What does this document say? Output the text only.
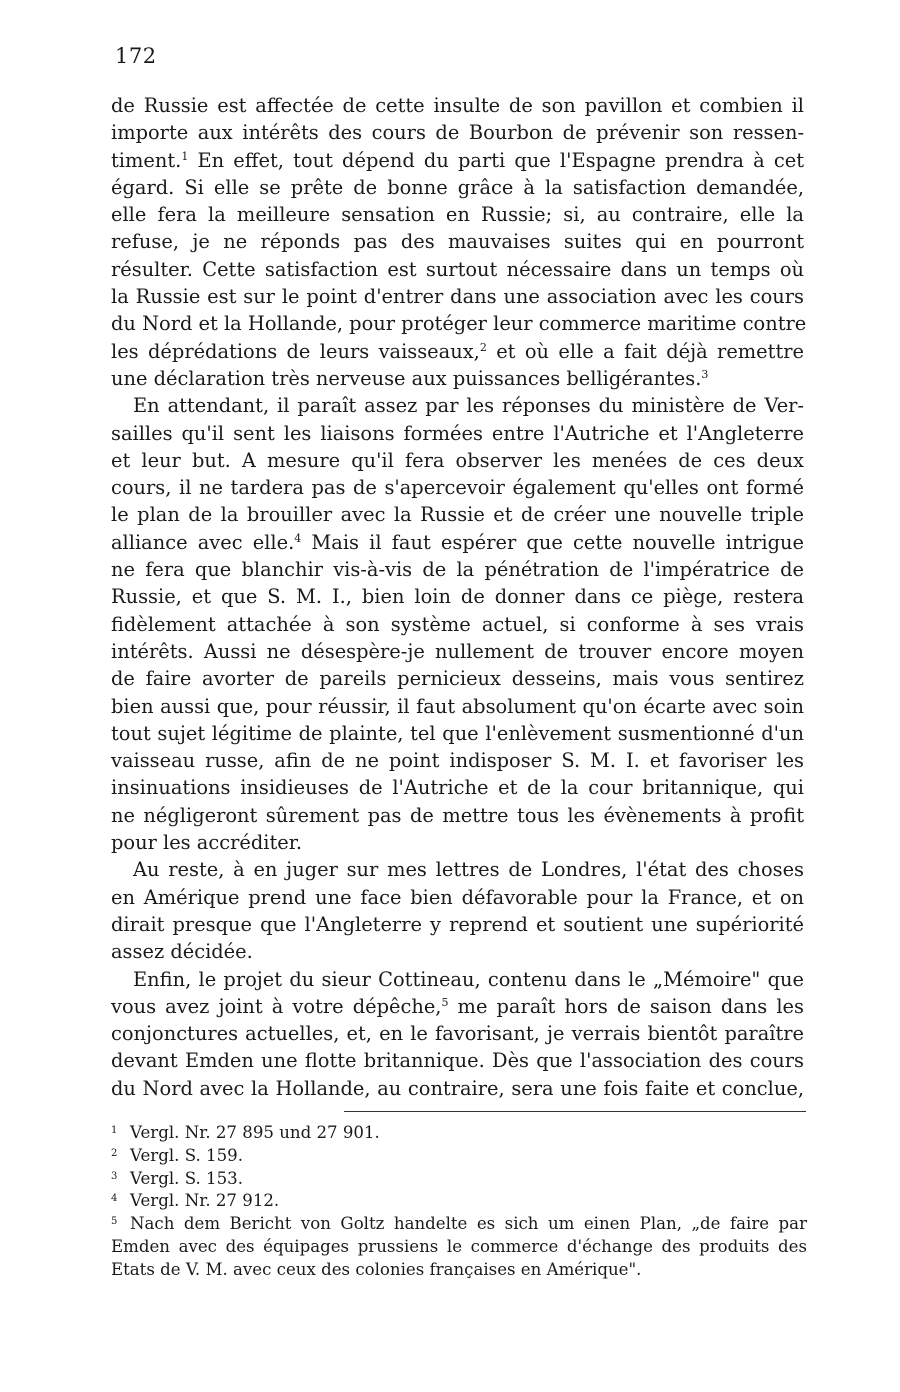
172

de Russie est affectée de cette insulte de son pavillon et combien il
importe aux intérêts des cours de Bourbon de prévenir son ressen-
timent.$^1$ En effet, tout dépend du parti que l'Espagne prendra à cet
égard. Si elle se prête de bonne grâce à la satisfaction demandée,
elle fera la meilleure sensation en Russie; si, au contraire, elle la
refuse, je ne réponds pas des mauvaises suites qui en pourront
résulter. Cette satisfaction est surtout nécessaire dans un temps où
la Russie est sur le point d'entrer dans une association avec les cours
du Nord et la Hollande, pour protéger leur commerce maritime contre
les déprédations de leurs vaisseaux,$^2$ et où elle a fait déjà remettre
une déclaration très nerveuse aux puissances belligérantes.$^3$

En attendant, il paraît assez par les réponses du ministère de Ver-
sailles qu'il sent les liaisons formées entre l'Autriche et l'Angleterre
et leur but. A mesure qu'il fera observer les menées de ces deux
cours, il ne tardera pas de s'apercevoir également qu'elles ont formé
le plan de la brouiller avec la Russie et de créer une nouvelle triple
alliance avec elle.$^4$ Mais il faut espérer que cette nouvelle intrigue
ne fera que blanchir vis-à-vis de la pénétration de l'impératrice de
Russie, et que S. M. I., bien loin de donner dans ce piège, restera
fidèlement attachée à son système actuel, si conforme à ses vrais
intérêts. Aussi ne désespère-je nullement de trouver encore moyen
de faire avorter de pareils pernicieux desseins, mais vous sentirez
bien aussi que, pour réussir, il faut absolument qu'on écarte avec soin
tout sujet légitime de plainte, tel que l'enlèvement susmentionné d'un
vaisseau russe, afin de ne point indisposer S. M. I. et favoriser les
insinuations insidieuses de l'Autriche et de la cour britannique, qui
ne négligeront sûrement pas de mettre tous les évènements à profit
pour les accréditer.

Au reste, à en juger sur mes lettres de Londres, l'état des choses
en Amérique prend une face bien défavorable pour la France, et on
dirait presque que l'Angleterre y reprend et soutient une supériorité
assez décidée.

Enfin, le projet du sieur Cottineau, contenu dans le „Mémoire" que
vous avez joint à votre dépêche,$^5$ me paraît hors de saison dans les
conjonctures actuelles, et, en le favorisant, je verrais bientôt paraître
devant Emden une flotte britannique. Dès que l'association des cours
du Nord avec la Hollande, au contraire, sera une fois faite et conclue,

1 Vergl. Nr. 27 895 und 27 901.
2 Vergl. S. 159.
3 Vergl. S. 153.
4 Vergl. Nr. 27 912.
5 Nach dem Bericht von Goltz handelte es sich um einen Plan, „de faire par
Emden avec des équipages prussiens le commerce d'échange des produits des
Etats de V. M. avec ceux des colonies françaises en Amérique".
